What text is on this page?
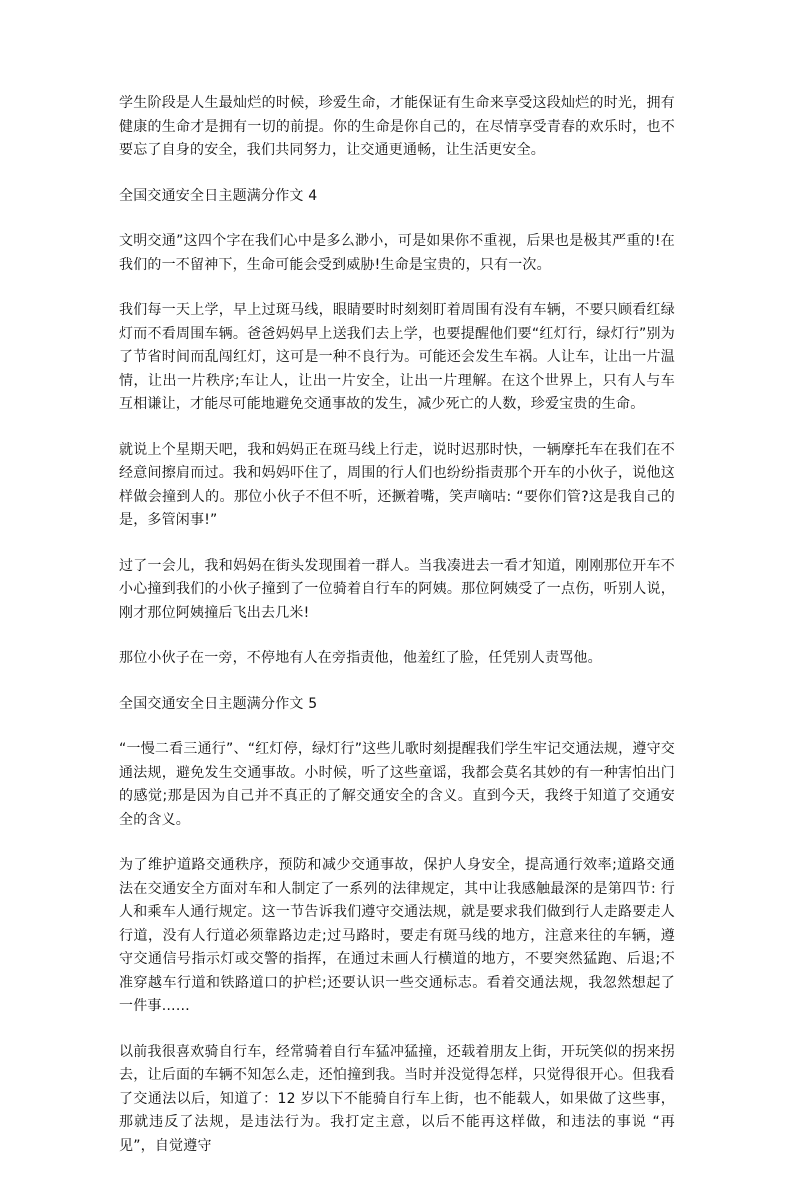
学生阶段是人生最灿烂的时候，珍爱生命，才能保证有生命来享受这段灿烂的时光，拥有健康的生命才是拥有一切的前提。你的生命是你自己的，在尽情享受青春的欢乐时，也不要忘了自身的安全，我们共同努力，让交通更通畅，让生活更安全。

全国交通安全日主题满分作文 4

文明交通”这四个字在我们心中是多么渺小，可是如果你不重视，后果也是极其严重的!在我们的一不留神下，生命可能会受到威胁!生命是宝贵的，只有一次。

我们每一天上学，早上过斑马线，眼睛要时时刻刻盯着周围有没有车辆，不要只顾看红绿灯而不看周围车辆。爸爸妈妈早上送我们去上学，也要提醒他们要“红灯行，绿灯行”别为了节省时间而乱闯红灯，这可是一种不良行为。可能还会发生车祸。人让车，让出一片温情，让出一片秩序;车让人，让出一片安全，让出一片理解。在这个世界上，只有人与车互相谦让，才能尽可能地避免交通事故的发生，减少死亡的人数，珍爱宝贵的生命。

就说上个星期天吧，我和妈妈正在斑马线上行走，说时迟那时快，一辆摩托车在我们在不经意间擦肩而过。我和妈妈吓住了，周围的行人们也纷纷指责那个开车的小伙子，说他这样做会撞到人的。那位小伙子不但不听，还撅着嘴，笑声嘀咕: “要你们管?这是我自己的是，多管闲事!”

过了一会儿，我和妈妈在街头发现围着一群人。当我凑进去一看才知道，刚刚那位开车不小心撞到我们的小伙子撞到了一位骑着自行车的阿姨。那位阿姨受了一点伤，听别人说，刚才那位阿姨撞后飞出去几米!

那位小伙子在一旁，不停地有人在旁指责他，他羞红了脸，任凭别人责骂他。

全国交通安全日主题满分作文 5

“一慢二看三通行”、“红灯停，绿灯行”这些儿歌时刻提醒我们学生牢记交通法规，遵守交通法规，避免发生交通事故。小时候，听了这些童谣，我都会莫名其妙的有一种害怕出门的感觉;那是因为自己并不真正的了解交通安全的含义。直到今天，我终于知道了交通安全的含义。

为了维护道路交通秩序，预防和减少交通事故，保护人身安全，提高通行效率;道路交通法在交通安全方面对车和人制定了一系列的法律规定，其中让我感触最深的是第四节: 行人和乘车人通行规定。这一节告诉我们遵守交通法规，就是要求我们做到行人走路要走人行道，没有人行道必须靠路边走;过马路时，要走有斑马线的地方，注意来往的车辆，遵守交通信号指示灯或交警的指挥，在通过未画人行横道的地方，不要突然猛跑、后退;不准穿越车行道和铁路道口的护栏;还要认识一些交通标志。看着交通法规，我忽然想起了一件事……

以前我很喜欢骑自行车，经常骑着自行车猛冲猛撞，还载着朋友上街，开玩笑似的拐来拐去，让后面的车辆不知怎么走，还怕撞到我。当时并没觉得怎样，只觉得很开心。但我看了交通法以后，知道了：12 岁以下不能骑自行车上街，也不能载人，如果做了这些事，那就违反了法规，是违法行为。我打定主意，以后不能再这样做，和违法的事说 “再见”，自觉遵守
